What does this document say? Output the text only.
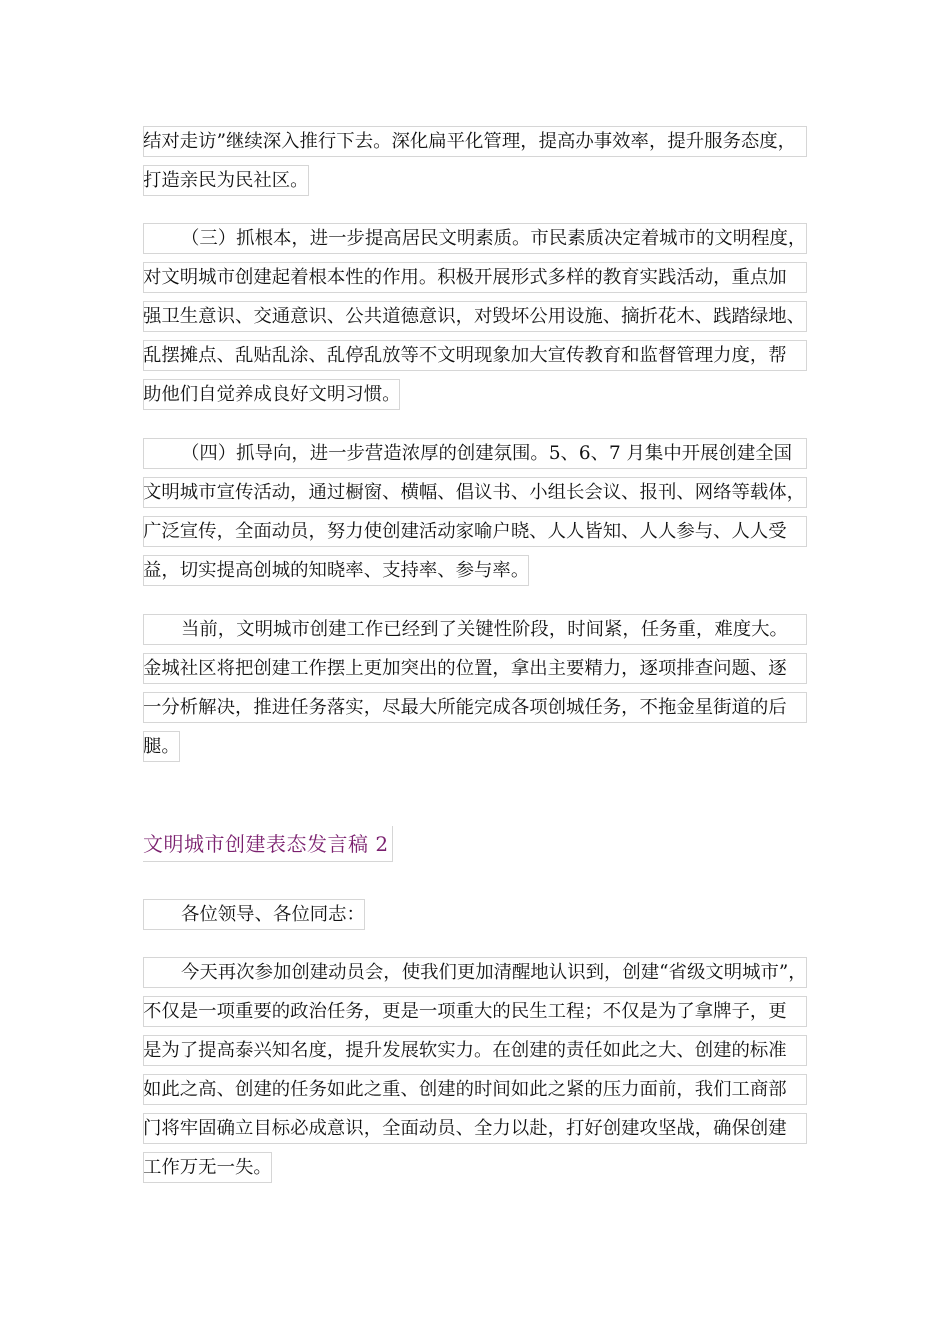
结对走访”继续深入推行下去。深化扁平化管理，提高办事效率，提升服务态度，
打造亲民为民社区。
（三）抓根本，进一步提高居民文明素质。市民素质决定着城市的文明程度，
对文明城市创建起着根本性的作用。积极开展形式多样的教育实践活动，重点加
强卫生意识、交通意识、公共道德意识，对毁坏公用设施、摘折花木、践踏绿地、
乱摆摊点、乱贴乱涂、乱停乱放等不文明现象加大宣传教育和监督管理力度，帮
助他们自觉养成良好文明习惯。
（四）抓导向，进一步营造浓厚的创建氛围。5、6、7 月集中开展创建全国
文明城市宣传活动，通过橱窗、横幅、倡议书、小组长会议、报刊、网络等载体，
广泛宣传，全面动员，努力使创建活动家喻户晓、人人皆知、人人参与、人人受
益，切实提高创城的知晓率、支持率、参与率。
当前，文明城市创建工作已经到了关键性阶段，时间紧，任务重，难度大。
金城社区将把创建工作摆上更加突出的位置，拿出主要精力，逐项排查问题、逐
一分析解决，推进任务落实，尽最大所能完成各项创城任务，不拖金星街道的后
腿。
文明城市创建表态发言稿 2
各位领导、各位同志：
今天再次参加创建动员会，使我们更加清醒地认识到，创建“省级文明城市”，
不仅是一项重要的政治任务，更是一项重大的民生工程；不仅是为了拿牌子，更
是为了提高泰兴知名度，提升发展软实力。在创建的责任如此之大、创建的标准
如此之高、创建的任务如此之重、创建的时间如此之紧的压力面前，我们工商部
门将牢固确立目标必成意识，全面动员、全力以赴，打好创建攻坚战，确保创建
工作万无一失。
